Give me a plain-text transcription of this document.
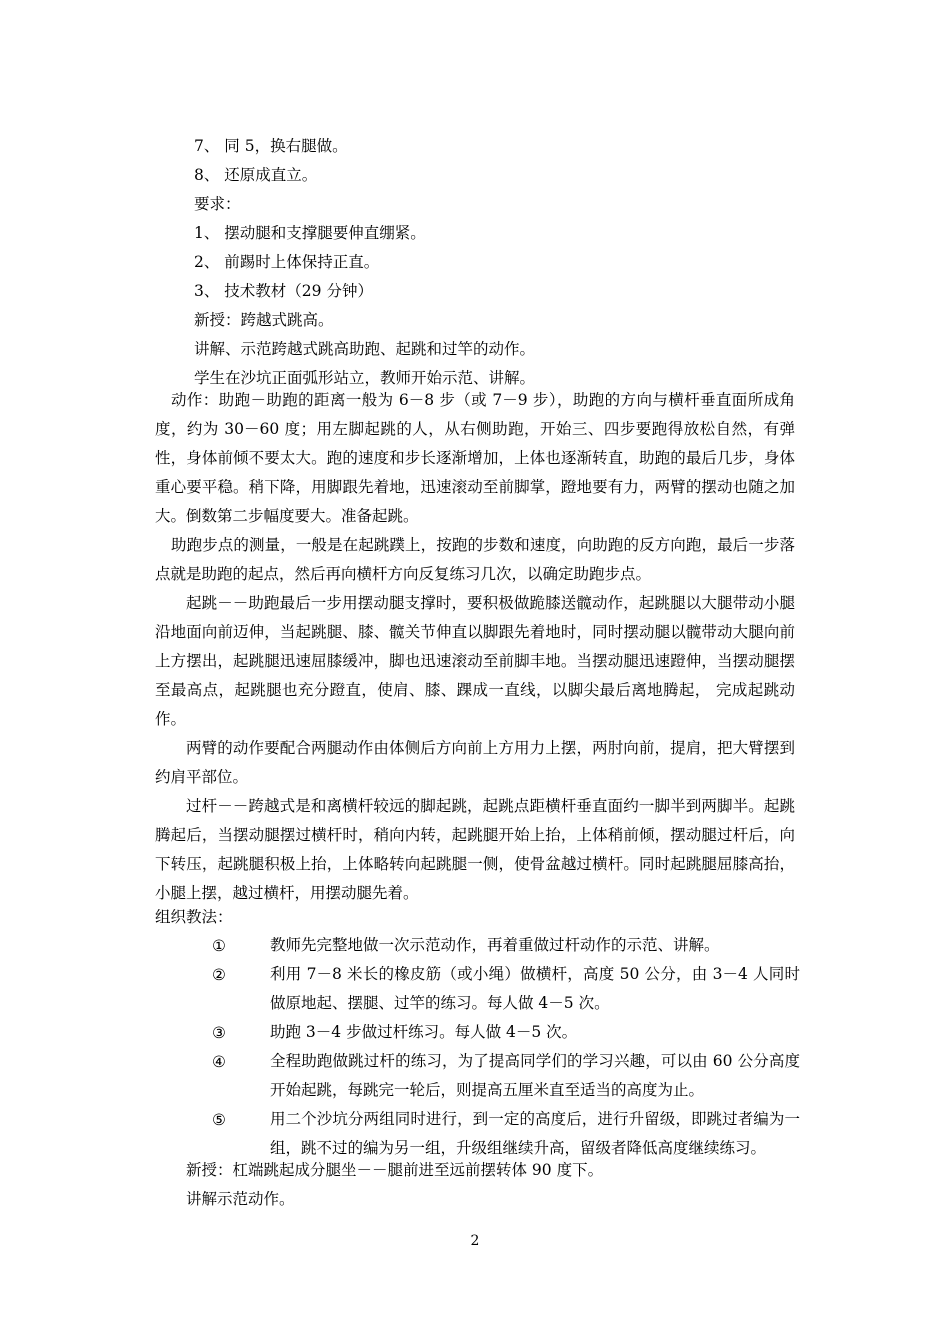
7、 同 5，换右腿做。
8、 还原成直立。
要求：
1、 摆动腿和支撑腿要伸直绷紧。
2、 前踢时上体保持正直。
3、 技术教材（29 分钟）
新授：跨越式跳高。
讲解、示范跨越式跳高助跑、起跳和过竿的动作。
学生在沙坑正面弧形站立，教师开始示范、讲解。
动作：助跑－助跑的距离一般为 6－8 步（或 7－9 步），助跑的方向与横杆垂直面所成角度，约为 30－60 度；用左脚起跳的人，从右侧助跑，开始三、四步要跑得放松自然，有弹性，身体前倾不要太大。跑的速度和步长逐渐增加，上体也逐渐转直，助跑的最后几步，身体重心要平稳。稍下降，用脚跟先着地，迅速滚动至前脚掌，蹬地要有力，两臂的摆动也随之加大。倒数第二步幅度要大。准备起跳。
助跑步点的测量，一般是在起跳蹼上，按跑的步数和速度，向助跑的反方向跑，最后一步落点就是助跑的起点，然后再向横杆方向反复练习几次，以确定助跑步点。
起跳－－助跑最后一步用摆动腿支撑时，要积极做跪膝送髋动作，起跳腿以大腿带动小腿沿地面向前迈伸，当起跳腿、膝、髋关节伸直以脚跟先着地时，同时摆动腿以髋带动大腿向前上方摆出，起跳腿迅速屈膝缓冲，脚也迅速滚动至前脚丰地。当摆动腿迅速蹬伸，当摆动腿摆至最高点，起跳腿也充分蹬直，使肩、膝、踝成一直线，以脚尖最后离地腾起， 完成起跳动作。
两臂的动作要配合两腿动作由体侧后方向前上方用力上摆，两肘向前，提肩，把大臂摆到约肩平部位。
过杆－－跨越式是和离横杆较远的脚起跳，起跳点距横杆垂直面约一脚半到两脚半。起跳腾起后，当摆动腿摆过横杆时，稍向内转，起跳腿开始上抬，上体稍前倾，摆动腿过杆后，向下转压，起跳腿积极上抬，上体略转向起跳腿一侧，使骨盆越过横杆。同时起跳腿屈膝高抬，小腿上摆，越过横杆，用摆动腿先着。
组织教法：
①	教师先完整地做一次示范动作，再着重做过杆动作的示范、讲解。
②	利用 7－8 米长的橡皮筋（或小绳）做横杆，高度 50 公分，由 3－4 人同时做原地起、摆腿、过竿的练习。每人做 4－5 次。
③	助跑 3－4 步做过杆练习。每人做 4－5 次。
④	全程助跑做跳过杆的练习，为了提高同学们的学习兴趣，可以由 60 公分高度开始起跳，每跳完一轮后，则提高五厘米直至适当的高度为止。
⑤	用二个沙坑分两组同时进行，到一定的高度后，进行升留级，即跳过者编为一组，跳不过的编为另一组，升级组继续升高，留级者降低高度继续练习。
新授：杠端跳起成分腿坐－－腿前进至远前摆转体 90 度下。
讲解示范动作。
2
